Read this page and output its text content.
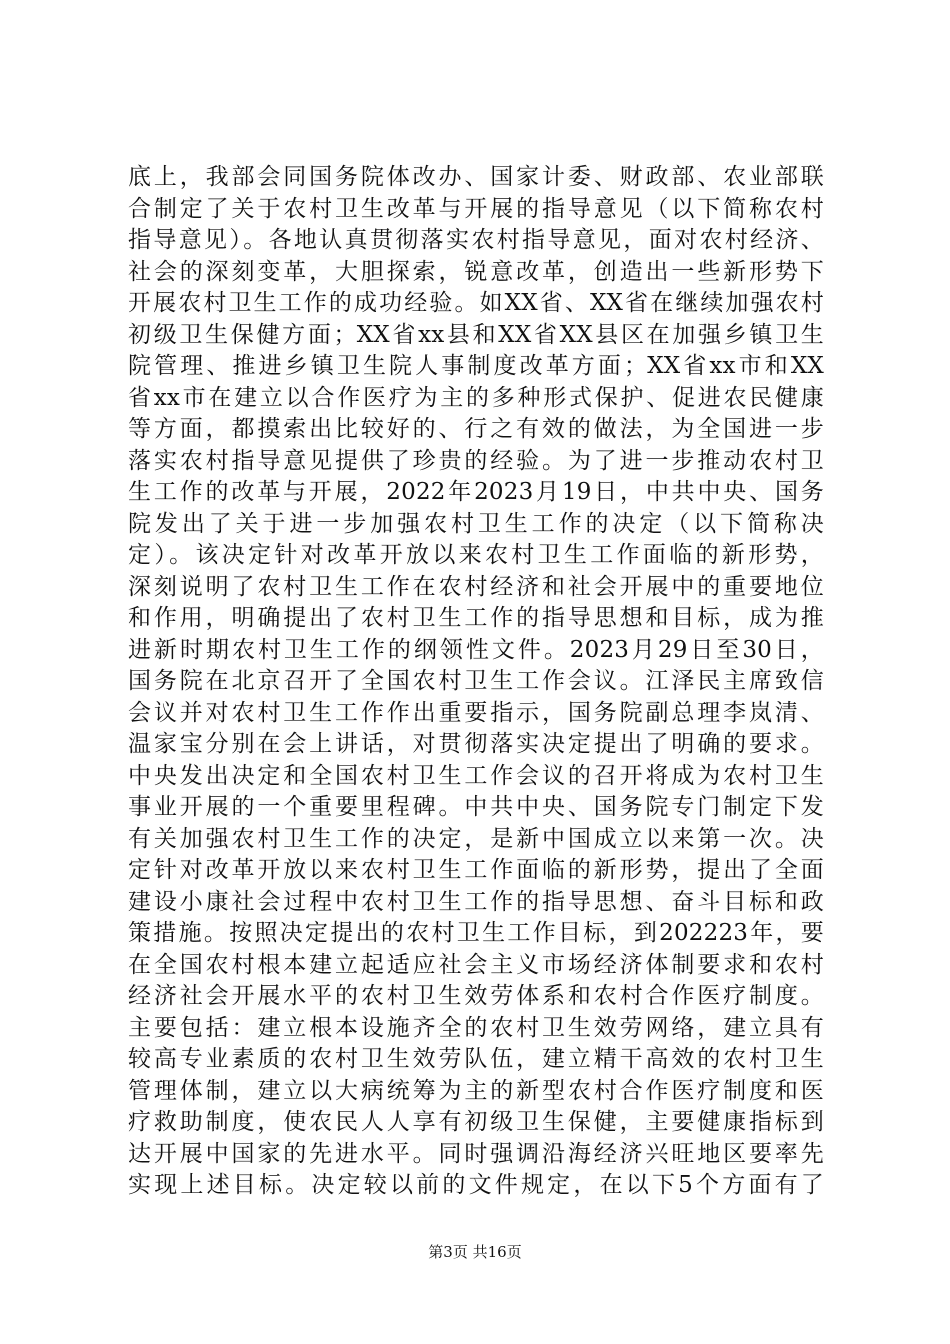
底上，我部会同国务院体改办、国家计委、财政部、农业部联
合制定了关于农村卫生改革与开展的指导意见（以下简称农村
指导意见）。各地认真贯彻落实农村指导意见，面对农村经济、
社会的深刻变革，大胆探索，锐意改革，创造出一些新形势下
开展农村卫生工作的成功经验。如XX省、XX省在继续加强农村
初级卫生保健方面；XX省xx县和XX省XX县区在加强乡镇卫生
院管理、推进乡镇卫生院人事制度改革方面；XX省xx市和XX
省xx市在建立以合作医疗为主的多种形式保护、促进农民健康
等方面，都摸索出比较好的、行之有效的做法，为全国进一步
落实农村指导意见提供了珍贵的经验。为了进一步推动农村卫
生工作的改革与开展，2022年2023月19日，中共中央、国务
院发出了关于进一步加强农村卫生工作的决定（以下简称决
定）。该决定针对改革开放以来农村卫生工作面临的新形势，
深刻说明了农村卫生工作在农村经济和社会开展中的重要地位
和作用，明确提出了农村卫生工作的指导思想和目标，成为推
进新时期农村卫生工作的纲领性文件。2023月29日至30日，
国务院在北京召开了全国农村卫生工作会议。江泽民主席致信
会议并对农村卫生工作作出重要指示，国务院副总理李岚清、
温家宝分别在会上讲话，对贯彻落实决定提出了明确的要求。
中央发出决定和全国农村卫生工作会议的召开将成为农村卫生
事业开展的一个重要里程碑。中共中央、国务院专门制定下发
有关加强农村卫生工作的决定，是新中国成立以来第一次。决
定针对改革开放以来农村卫生工作面临的新形势，提出了全面
建设小康社会过程中农村卫生工作的指导思想、奋斗目标和政
策措施。按照决定提出的农村卫生工作目标，到202223年，要
在全国农村根本建立起适应社会主义市场经济体制要求和农村
经济社会开展水平的农村卫生效劳体系和农村合作医疗制度。
主要包括：建立根本设施齐全的农村卫生效劳网络，建立具有
较高专业素质的农村卫生效劳队伍，建立精干高效的农村卫生
管理体制，建立以大病统筹为主的新型农村合作医疗制度和医
疗救助制度，使农民人人享有初级卫生保健，主要健康指标到
达开展中国家的先进水平。同时强调沿海经济兴旺地区要率先
实现上述目标。决定较以前的文件规定，在以下5个方面有了
第3页 共16页
